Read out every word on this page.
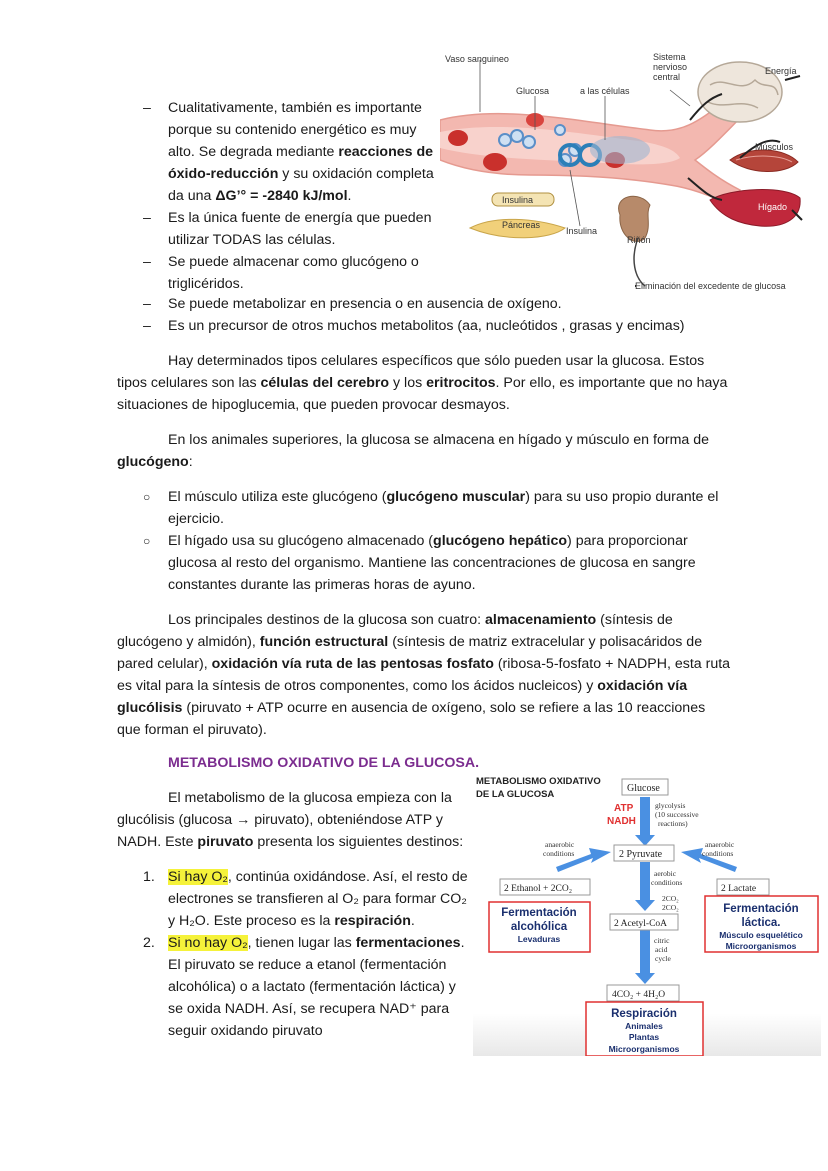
Vaso sanguineo
Glucosa	a las células
Sistema nervioso central
Energía
Músculos
Insulina
Páncreas
Insulina
Riñón
Hígado
Eliminación del excedente de glucosa
– Cualitativamente, también es importante
porque su contenido energético es muy
alto. Se degrada mediante reacciones de
óxido-reducción y su oxidación completa
da una ΔG’° = -2840 kJ/mol.
– Es la única fuente de energía que pueden
utilizar TODAS las células.
– Se puede almacenar como glucógeno o
triglicéridos.
– Se puede metabolizar en presencia o en ausencia de oxígeno.
– Es un precursor de otros muchos metabolitos (aa, nucleótidos , grasas y encimas)
Hay determinados tipos celulares específicos que sólo pueden usar la glucosa. Estos
tipos celulares son las células del cerebro y los eritrocitos. Por ello, es importante que no haya
situaciones de hipoglucemia, que pueden provocar desmayos.
En los animales superiores, la glucosa se almacena en hígado y músculo en forma de
glucógeno:
○ El músculo utiliza este glucógeno (glucógeno muscular) para su uso propio durante el
ejercicio.
○ El hígado usa su glucógeno almacenado (glucógeno hepático) para proporcionar
glucosa al resto del organismo. Mantiene las concentraciones de glucosa en sangre
constantes durante las primeras horas de ayuno.
Los principales destinos de la glucosa son cuatro: almacenamiento (síntesis de
glucógeno y almidón), función estructural (síntesis de matriz extracelular y polisacáridos de
pared celular), oxidación vía ruta de las pentosas fosfato (ribosa-5-fosfato + NADPH, esta ruta
es vital para la síntesis de otros componentes, como los ácidos nucleicos) y oxidación vía
glucólisis (piruvato + ATP ocurre en ausencia de oxígeno, solo se refiere a las 10 reacciones
que forman el piruvato).
METABOLISMO OXIDATIVO DE LA GLUCOSA.
El metabolismo de la glucosa empieza con la
glucólisis (glucosa → piruvato), obteniéndose ATP y
NADH. Este piruvato presenta los siguientes destinos:
1. Si hay O₂, continúa oxidándose. Así, el resto de
electrones se transfieren al O₂ para formar CO₂
y H₂O. Este proceso es la respiración.
2. Si no hay O₂, tienen lugar las fermentaciones.
El piruvato se reduce a etanol (fermentación
alcohólica) o a lactato (fermentación láctica) y
se oxida NADH. Así, se recupera NAD⁺ para
seguir oxidando piruvato
METABOLISMO OXIDATIVO
DE LA GLUCOSA
Glucose
ATP
NADH
glycolysis
(10 successive
reactions)
2 Pyruvate
anaerobic
conditions
anaerobic
conditions
aerobic
conditions
2CO₂
2 Ethanol + 2CO₂	2 Lactate
Fermentación
alcohólica
Levaduras
Fermentación
láctica.
Músculo esquelético
Microorganismos
2 Acetyl-CoA
2CO₂
citric
acid
cycle
4CO₂ + 4H₂O
Respiración
Animales
Plantas
Microorganismos
